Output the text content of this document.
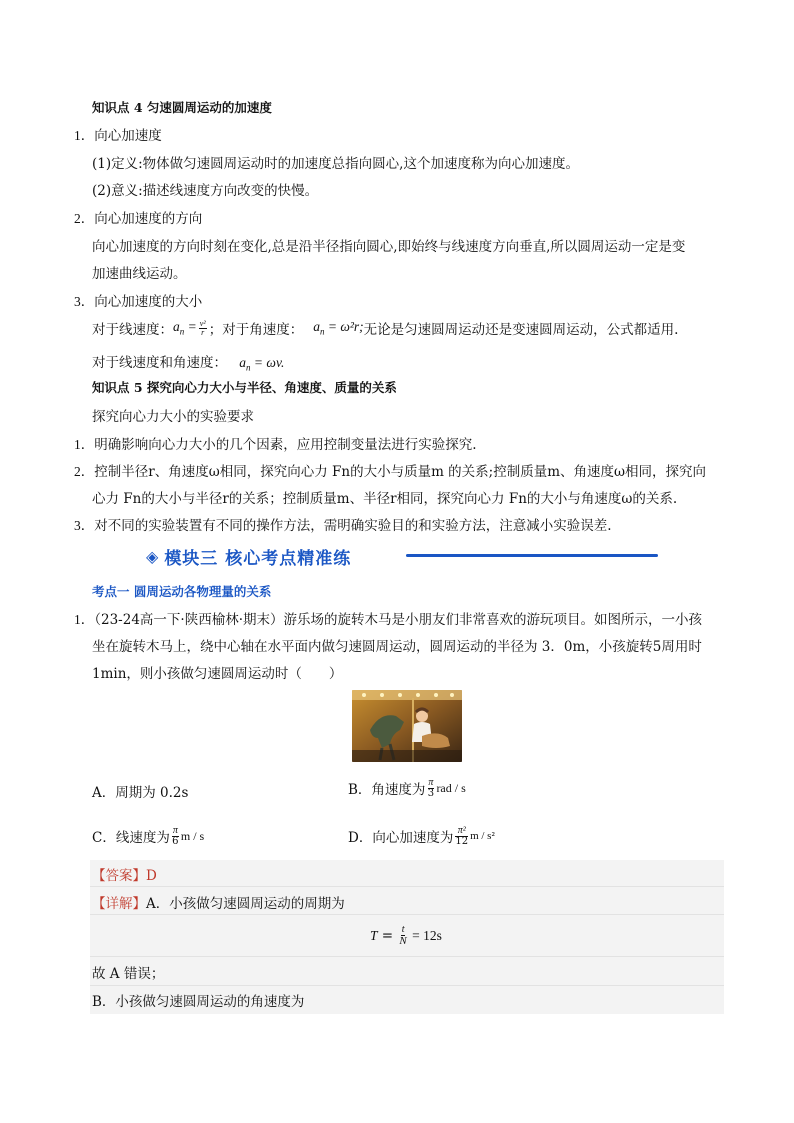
知识点 4 匀速圆周运动的加速度
1．向心加速度
(1)定义:物体做匀速圆周运动时的加速度总指向圆心,这个加速度称为向心加速度。
(2)意义:描述线速度方向改变的快慢。
2．向心加速度的方向
向心加速度的方向时刻在变化,总是沿半径指向圆心,即始终与线速度方向垂直,所以圆周运动一定是变
加速曲线运动。
3．向心加速度的大小
对于线速度： $a_n = \frac{\text{v²}}{r}$ ；对于角速度： $a_n = \omega^2r$; 无论是匀速圆周运动还是变速圆周运动，公式都适用.
对于线速度和角速度： $a_n = \omega v$.
知识点 5 探究向心力大小与半径、角速度、质量的关系
探究向心力大小的实验要求
1．明确影响向心力大小的几个因素，应用控制变量法进行实验探究.
2．控制半径r、角速度ω相同，探究向心力 Fn的大小与质量m 的关系;控制质量m、角速度ω相同，探究向
心力 Fn的大小与半径r的关系；控制质量m、半径r相同，探究向心力 Fn的大小与角速度ω的关系.
3．对不同的实验装置有不同的操作方法，需明确实验目的和实验方法，注意减小实验误差.
◈ 模块三 核心考点精准练
考点一 圆周运动各物理量的关系
1．（23-24高一下·陕西榆林·期末）游乐场的旋转木马是小朋友们非常喜欢的游玩项目。如图所示，一小孩
坐在旋转木马上，绕中心轴在水平面内做匀速圆周运动，圆周运动的半径为 3．0m，小孩旋转5周用时
1min，则小孩做匀速圆周运动时（　　）
A．周期为 0.2s	B．角速度为 $\frac{\pi}{3}$ rad / s
C．线速度为 $\frac{\pi}{6}$ m / s	D．向心加速度为 $\frac{\text{π²}}{12}$ m / s²
【答案】D
【详解】A．小孩做匀速圆周运动的周期为
$T = \frac{t}{N} = 12s$
故 A 错误；
B．小孩做匀速圆周运动的角速度为
